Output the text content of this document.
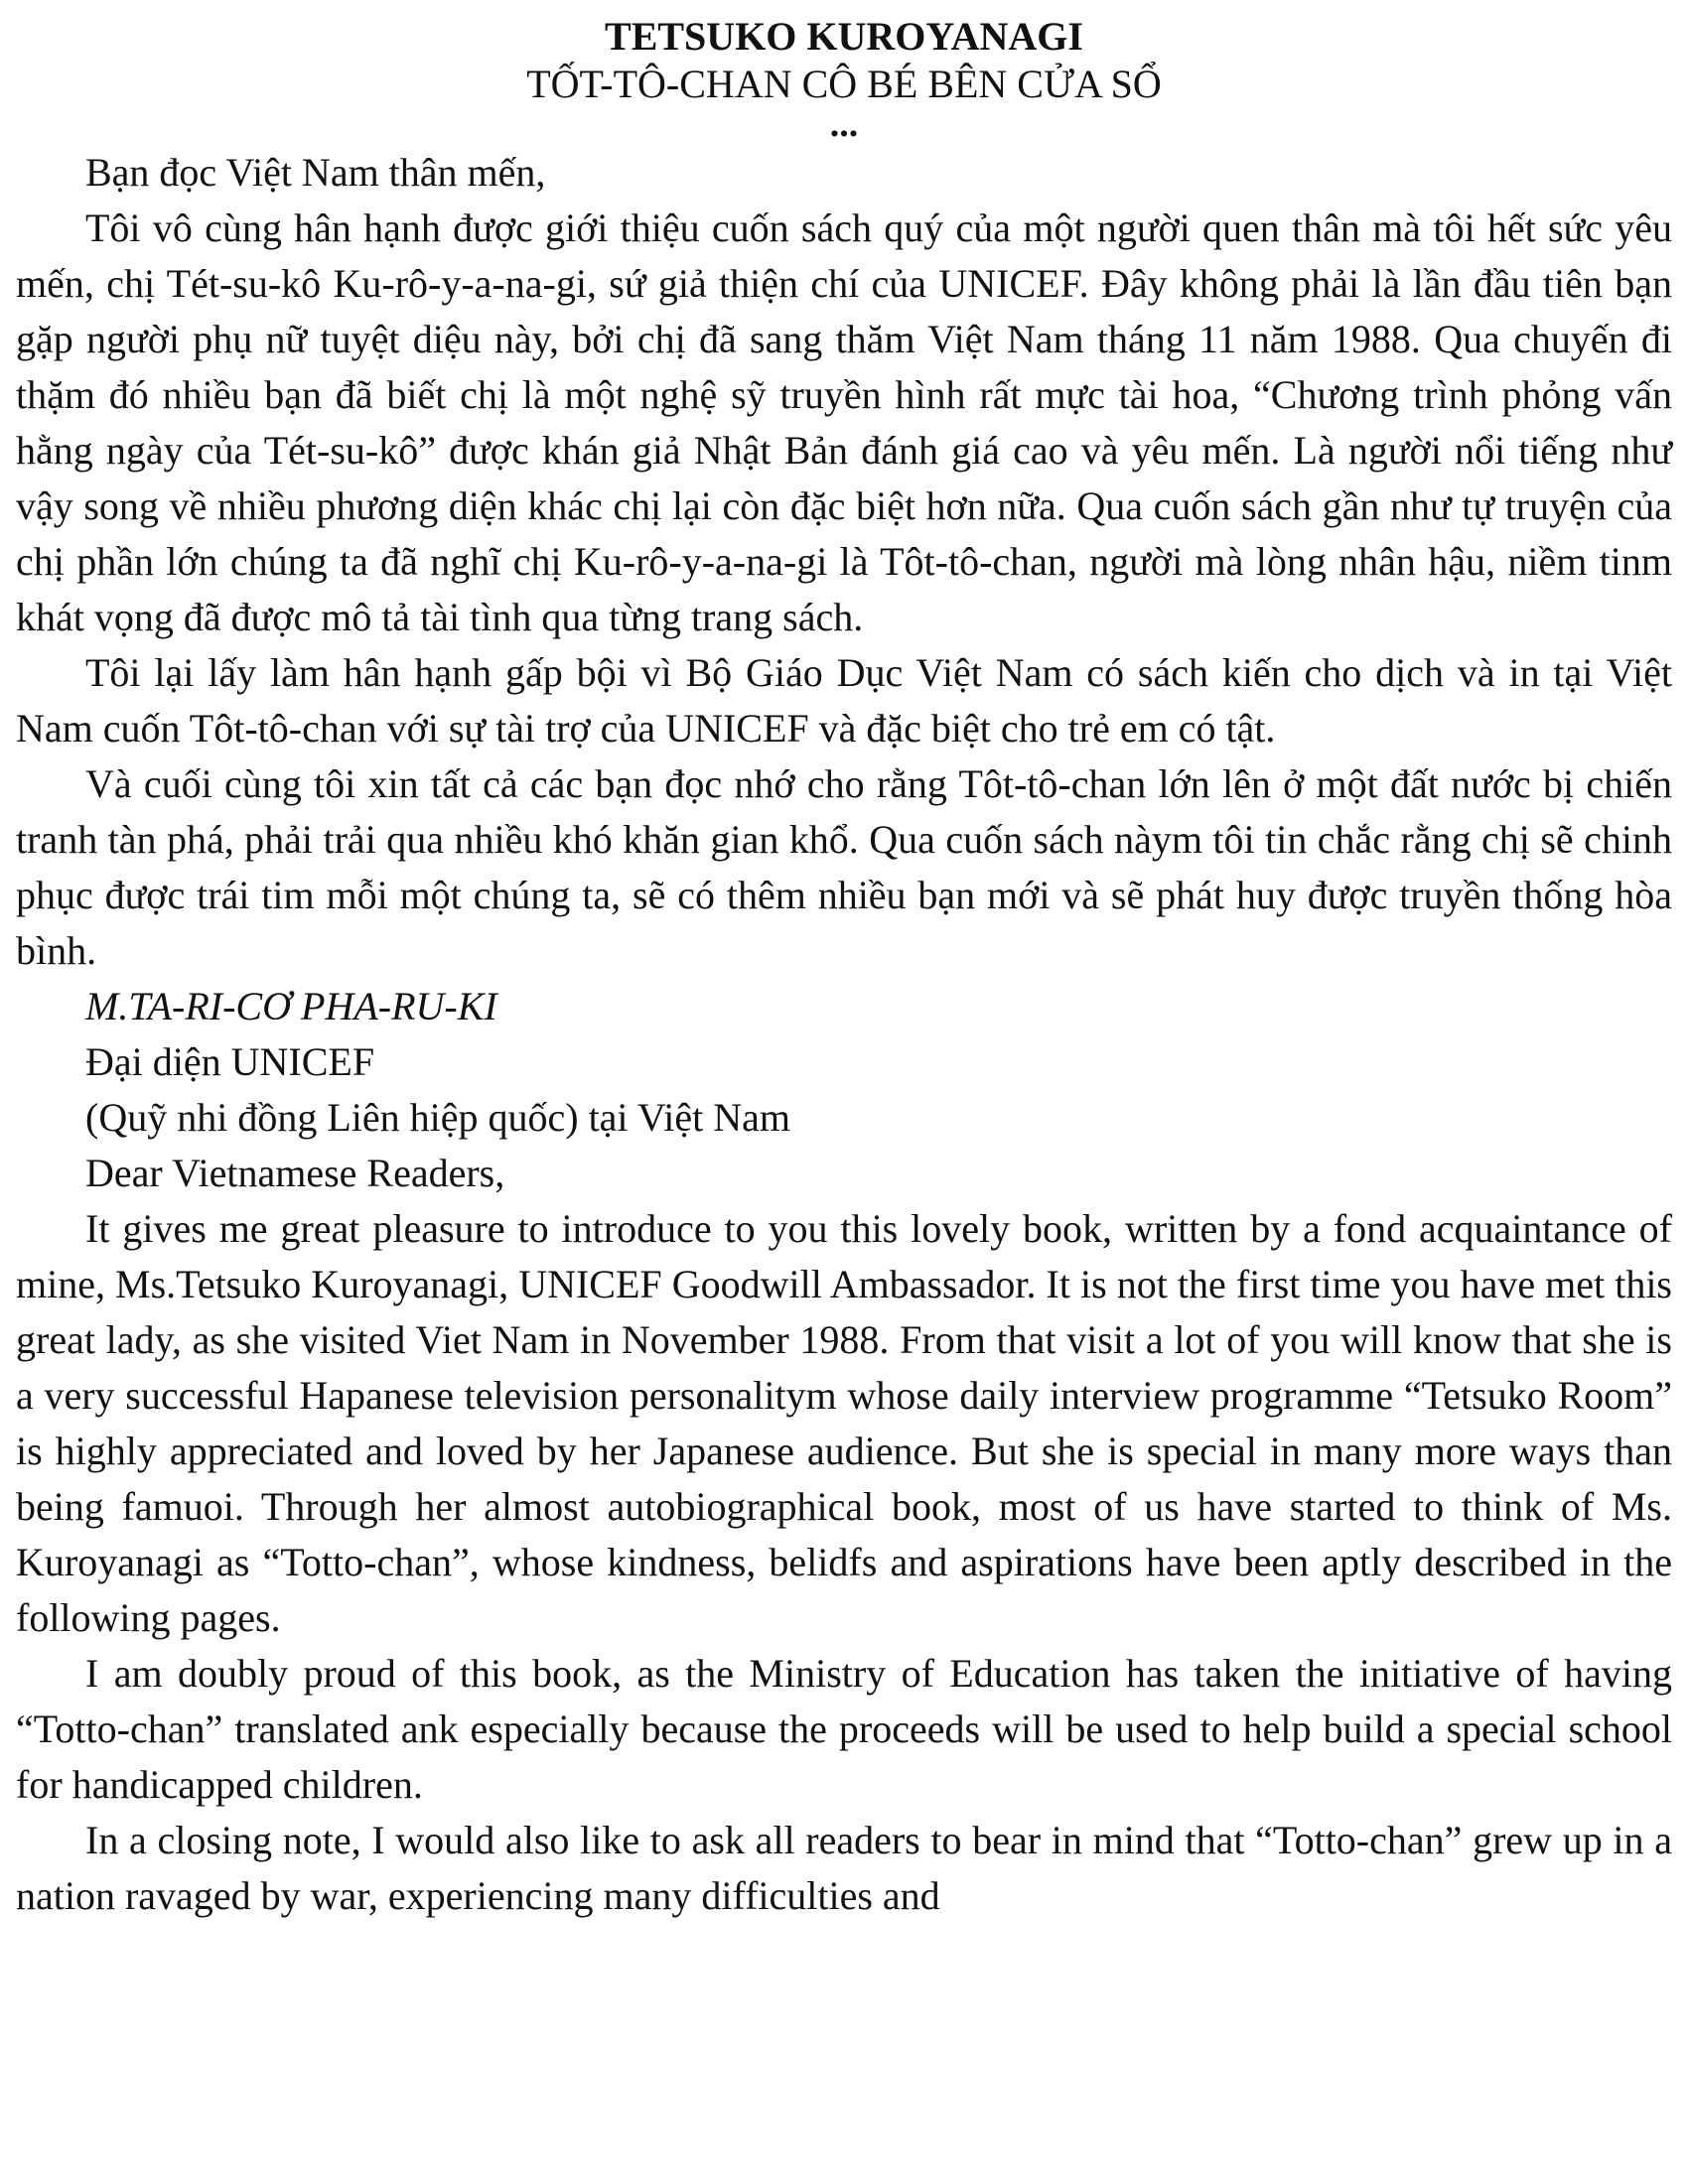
TETSUKO KUROYANAGI
TỐT-TÔ-CHAN CÔ BÉ BÊN CỬA SỔ
...

Bạn đọc Việt Nam thân mến,

Tôi vô cùng hân hạnh được giới thiệu cuốn sách quý của một người quen thân mà tôi hết sức yêu mến, chị Tét-su-kô Ku-rô-y-a-na-gi, sứ giả thiện chí của UNICEF. Đây không phải là lần đầu tiên bạn gặp người phụ nữ tuyệt diệu này, bởi chị đã sang thăm Việt Nam tháng 11 năm 1988. Qua chuyến đi thặm đó nhiều bạn đã biết chị là một nghệ sỹ truyền hình rất mực tài hoa, “Chương trình phỏng vấn hằng ngày của Tét-su-kô” được khán giả Nhật Bản đánh giá cao và yêu mến. Là người nổi tiếng như vậy song về nhiều phương diện khác chị lại còn đặc biệt hơn nữa. Qua cuốn sách gần như tự truyện của chị phần lớn chúng ta đã nghĩ chị Ku-rô-y-a-na-gi là Tôt-tô-chan, người mà lòng nhân hậu, niềm tinm khát vọng đã được mô tả tài tình qua từng trang sách.

Tôi lại lấy làm hân hạnh gấp bội vì Bộ Giáo Dục Việt Nam có sách kiến cho dịch và in tại Việt Nam cuốn Tôt-tô-chan với sự tài trợ của UNICEF và đặc biệt cho trẻ em có tật.

Và cuối cùng tôi xin tất cả các bạn đọc nhớ cho rằng Tôt-tô-chan lớn lên ở một đất nước bị chiến tranh tàn phá, phải trải qua nhiều khó khăn gian khổ. Qua cuốn sách nàym tôi tin chắc rằng chị sẽ chinh phục được trái tim mỗi một chúng ta, sẽ có thêm nhiều bạn mới và sẽ phát huy được truyền thống hòa bình.

M.TA-RI-CƠ PHA-RU-KI

Đại diện UNICEF

(Quỹ nhi đồng Liên hiệp quốc) tại Việt Nam

Dear Vietnamese Readers,

It gives me great pleasure to introduce to you this lovely book, written by a fond acquaintance of mine, Ms.Tetsuko Kuroyanagi, UNICEF Goodwill Ambassador. It is not the first time you have met this great lady, as she visited Viet Nam in November 1988. From that visit a lot of you will know that she is a very successful Hapanese television personalitym whose daily interview programme “Tetsuko Room” is highly appreciated and loved by her Japanese audience. But she is special in many more ways than being famuoi. Through her almost autobiographical book, most of us have started to think of Ms. Kuroyanagi as “Totto-chan”, whose kindness, belidfs and aspirations have been aptly described in the following pages.

I am doubly proud of this book, as the Ministry of Education has taken the initiative of having “Totto-chan” translated ank especially because the proceeds will be used to help build a special school for handicapped children.

In a closing note, I would also like to ask all readers to bear in mind that “Totto-chan” grew up in a nation ravaged by war, experiencing many difficulties and
